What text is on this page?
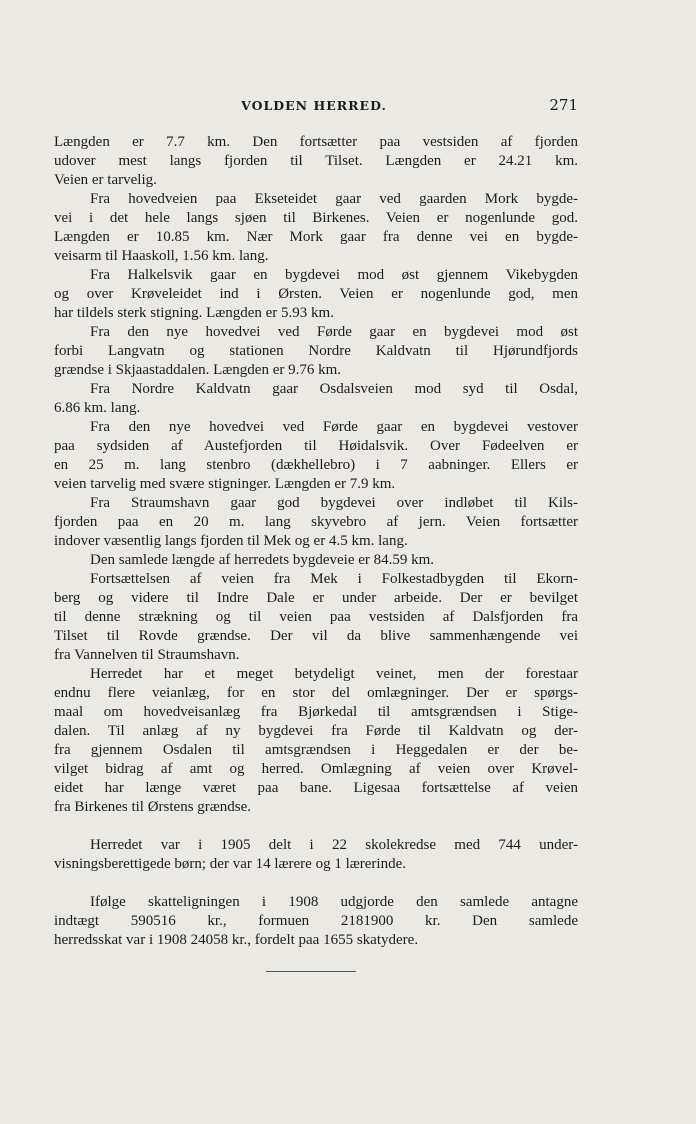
VOLDEN HERRED.	271
Længden er 7.7 km. Den fortsætter paa vestsiden af fjorden
udover mest langs fjorden til Tilset. Længden er 24.21 km.
Veien er tarvelig.
Fra hovedveien paa Ekseteidet gaar ved gaarden Mork bygde-
vei i det hele langs sjøen til Birkenes. Veien er nogenlunde god.
Længden er 10.85 km. Nær Mork gaar fra denne vei en bygde-
veisarm til Haaskoll, 1.56 km. lang.
Fra Halkelsvik gaar en bygdevei mod øst gjennem Vikebygden
og over Krøveleidet ind i Ørsten. Veien er nogenlunde god, men
har tildels sterk stigning. Længden er 5.93 km.
Fra den nye hovedvei ved Førde gaar en bygdevei mod øst
forbi Langvatn og stationen Nordre Kaldvatn til Hjørundfjords
grændse i Skjaastaddalen. Længden er 9.76 km.
Fra Nordre Kaldvatn gaar Osdalsveien mod syd til Osdal,
6.86 km. lang.
Fra den nye hovedvei ved Førde gaar en bygdevei vestover
paa sydsiden af Austefjorden til Høidalsvik. Over Fødeelven er
en 25 m. lang stenbro (dækhellebro) i 7 aabninger. Ellers er
veien tarvelig med svære stigninger. Længden er 7.9 km.
Fra Straumshavn gaar god bygdevei over indløbet til Kils-
fjorden paa en 20 m. lang skyvebro af jern. Veien fortsætter
indover væsentlig langs fjorden til Mek og er 4.5 km. lang.
Den samlede længde af herredets bygdeveie er 84.59 km.
Fortsættelsen af veien fra Mek i Folkestadbygden til Ekorn-
berg og videre til Indre Dale er under arbeide. Der er bevilget
til denne strækning og til veien paa vestsiden af Dalsfjorden fra
Tilset til Rovde grændse. Der vil da blive sammenhængende vei
fra Vannelven til Straumshavn.
Herredet har et meget betydeligt veinet, men der forestaar
endnu flere veianlæg, for en stor del omlægninger. Der er spørgs-
maal om hovedveisanlæg fra Bjørkedal til amtsgrændsen i Stige-
dalen. Til anlæg af ny bygdevei fra Førde til Kaldvatn og der-
fra gjennem Osdalen til amtsgrændsen i Heggedalen er der be-
vilget bidrag af amt og herred. Omlægning af veien over Krøvel-
eidet har længe været paa bane. Ligesaa fortsættelse af veien
fra Birkenes til Ørstens grændse.
Herredet var i 1905 delt i 22 skolekredse med 744 under-
visningsberettigede børn; der var 14 lærere og 1 lærerinde.
Ifølge skatteligningen i 1908 udgjorde den samlede antagne
indtægt 590516 kr., formuen 2181900 kr. Den samlede
herredsskat var i 1908 24058 kr., fordelt paa 1655 skatydere.
